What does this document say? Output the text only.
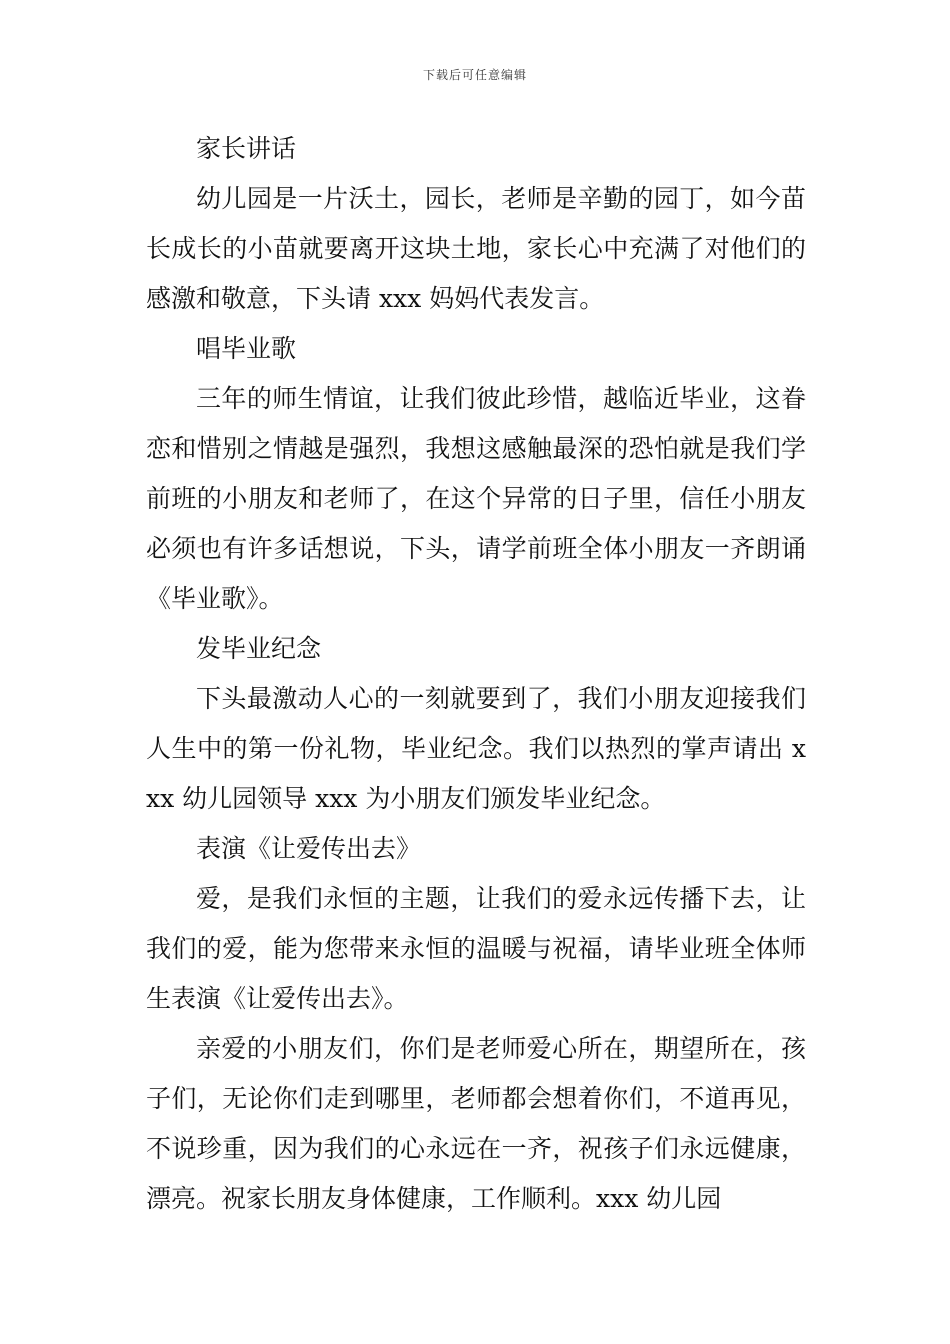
下载后可任意编辑

家长讲话

幼儿园是一片沃土，园长，老师是辛勤的园丁，如今苗长成长的小苗就要离开这块土地，家长心中充满了对他们的感激和敬意，下头请 xxx 妈妈代表发言。

唱毕业歌

三年的师生情谊，让我们彼此珍惜，越临近毕业，这眷恋和惜别之情越是强烈，我想这感触最深的恐怕就是我们学前班的小朋友和老师了，在这个异常的日子里，信任小朋友必须也有许多话想说，下头，请学前班全体小朋友一齐朗诵《毕业歌》。

发毕业纪念

下头最激动人心的一刻就要到了，我们小朋友迎接我们人生中的第一份礼物，毕业纪念。我们以热烈的掌声请出 xxx 幼儿园领导 xxx 为小朋友们颁发毕业纪念。

表演《让爱传出去》

爱，是我们永恒的主题，让我们的爱永远传播下去，让我们的爱，能为您带来永恒的温暖与祝福，请毕业班全体师生表演《让爱传出去》。

亲爱的小朋友们，你们是老师爱心所在，期望所在，孩子们，无论你们走到哪里，老师都会想着你们，不道再见，不说珍重，因为我们的心永远在一齐，祝孩子们永远健康，漂亮。祝家长朋友身体健康，工作顺利。xxx 幼儿园
